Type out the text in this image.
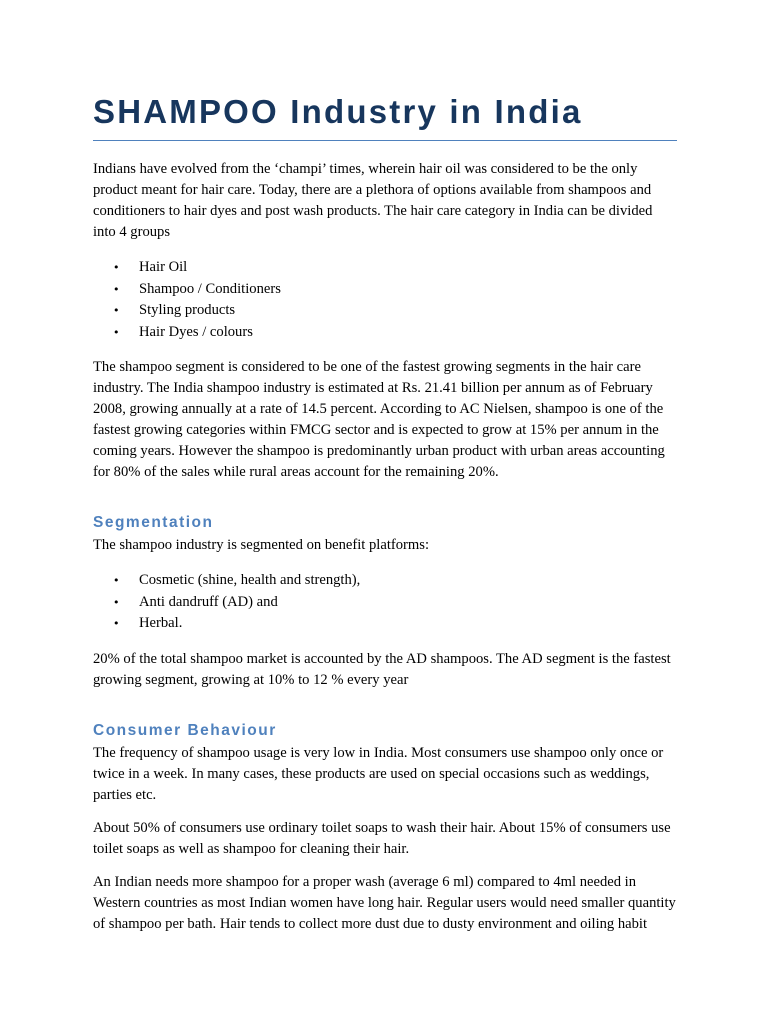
SHAMPOO Industry in India

Indians have evolved from the ‘champi’ times, wherein hair oil was considered to be the only product meant for hair care. Today, there are a plethora of options available from shampoos and conditioners to hair dyes and post wash products. The hair care category in India can be divided into 4 groups

• Hair Oil
• Shampoo / Conditioners
• Styling products
• Hair Dyes / colours

The shampoo segment is considered to be one of the fastest growing segments in the hair care industry. The India shampoo industry is estimated at Rs. 21.41 billion per annum as of February 2008, growing annually at a rate of 14.5 percent. According to AC Nielsen, shampoo is one of the fastest growing categories within FMCG sector and is expected to grow at 15% per annum in the coming years. However the shampoo is predominantly urban product with urban areas accounting for 80% of the sales while rural areas account for the remaining 20%.

Segmentation

The shampoo industry is segmented on benefit platforms:

• Cosmetic (shine, health and strength),
• Anti dandruff (AD) and
• Herbal.

20% of the total shampoo market is accounted by the AD shampoos. The AD segment is the fastest growing segment, growing at 10% to 12 % every year

Consumer Behaviour

The frequency of shampoo usage is very low in India. Most consumers use shampoo only once or twice in a week. In many cases, these products are used on special occasions such as weddings, parties etc.

About 50% of consumers use ordinary toilet soaps to wash their hair. About 15% of consumers use toilet soaps as well as shampoo for cleaning their hair.

An Indian needs more shampoo for a proper wash (average 6 ml) compared to 4ml needed in Western countries as most Indian women have long hair. Regular users would need smaller quantity of shampoo per bath. Hair tends to collect more dust due to dusty environment and oiling habit
